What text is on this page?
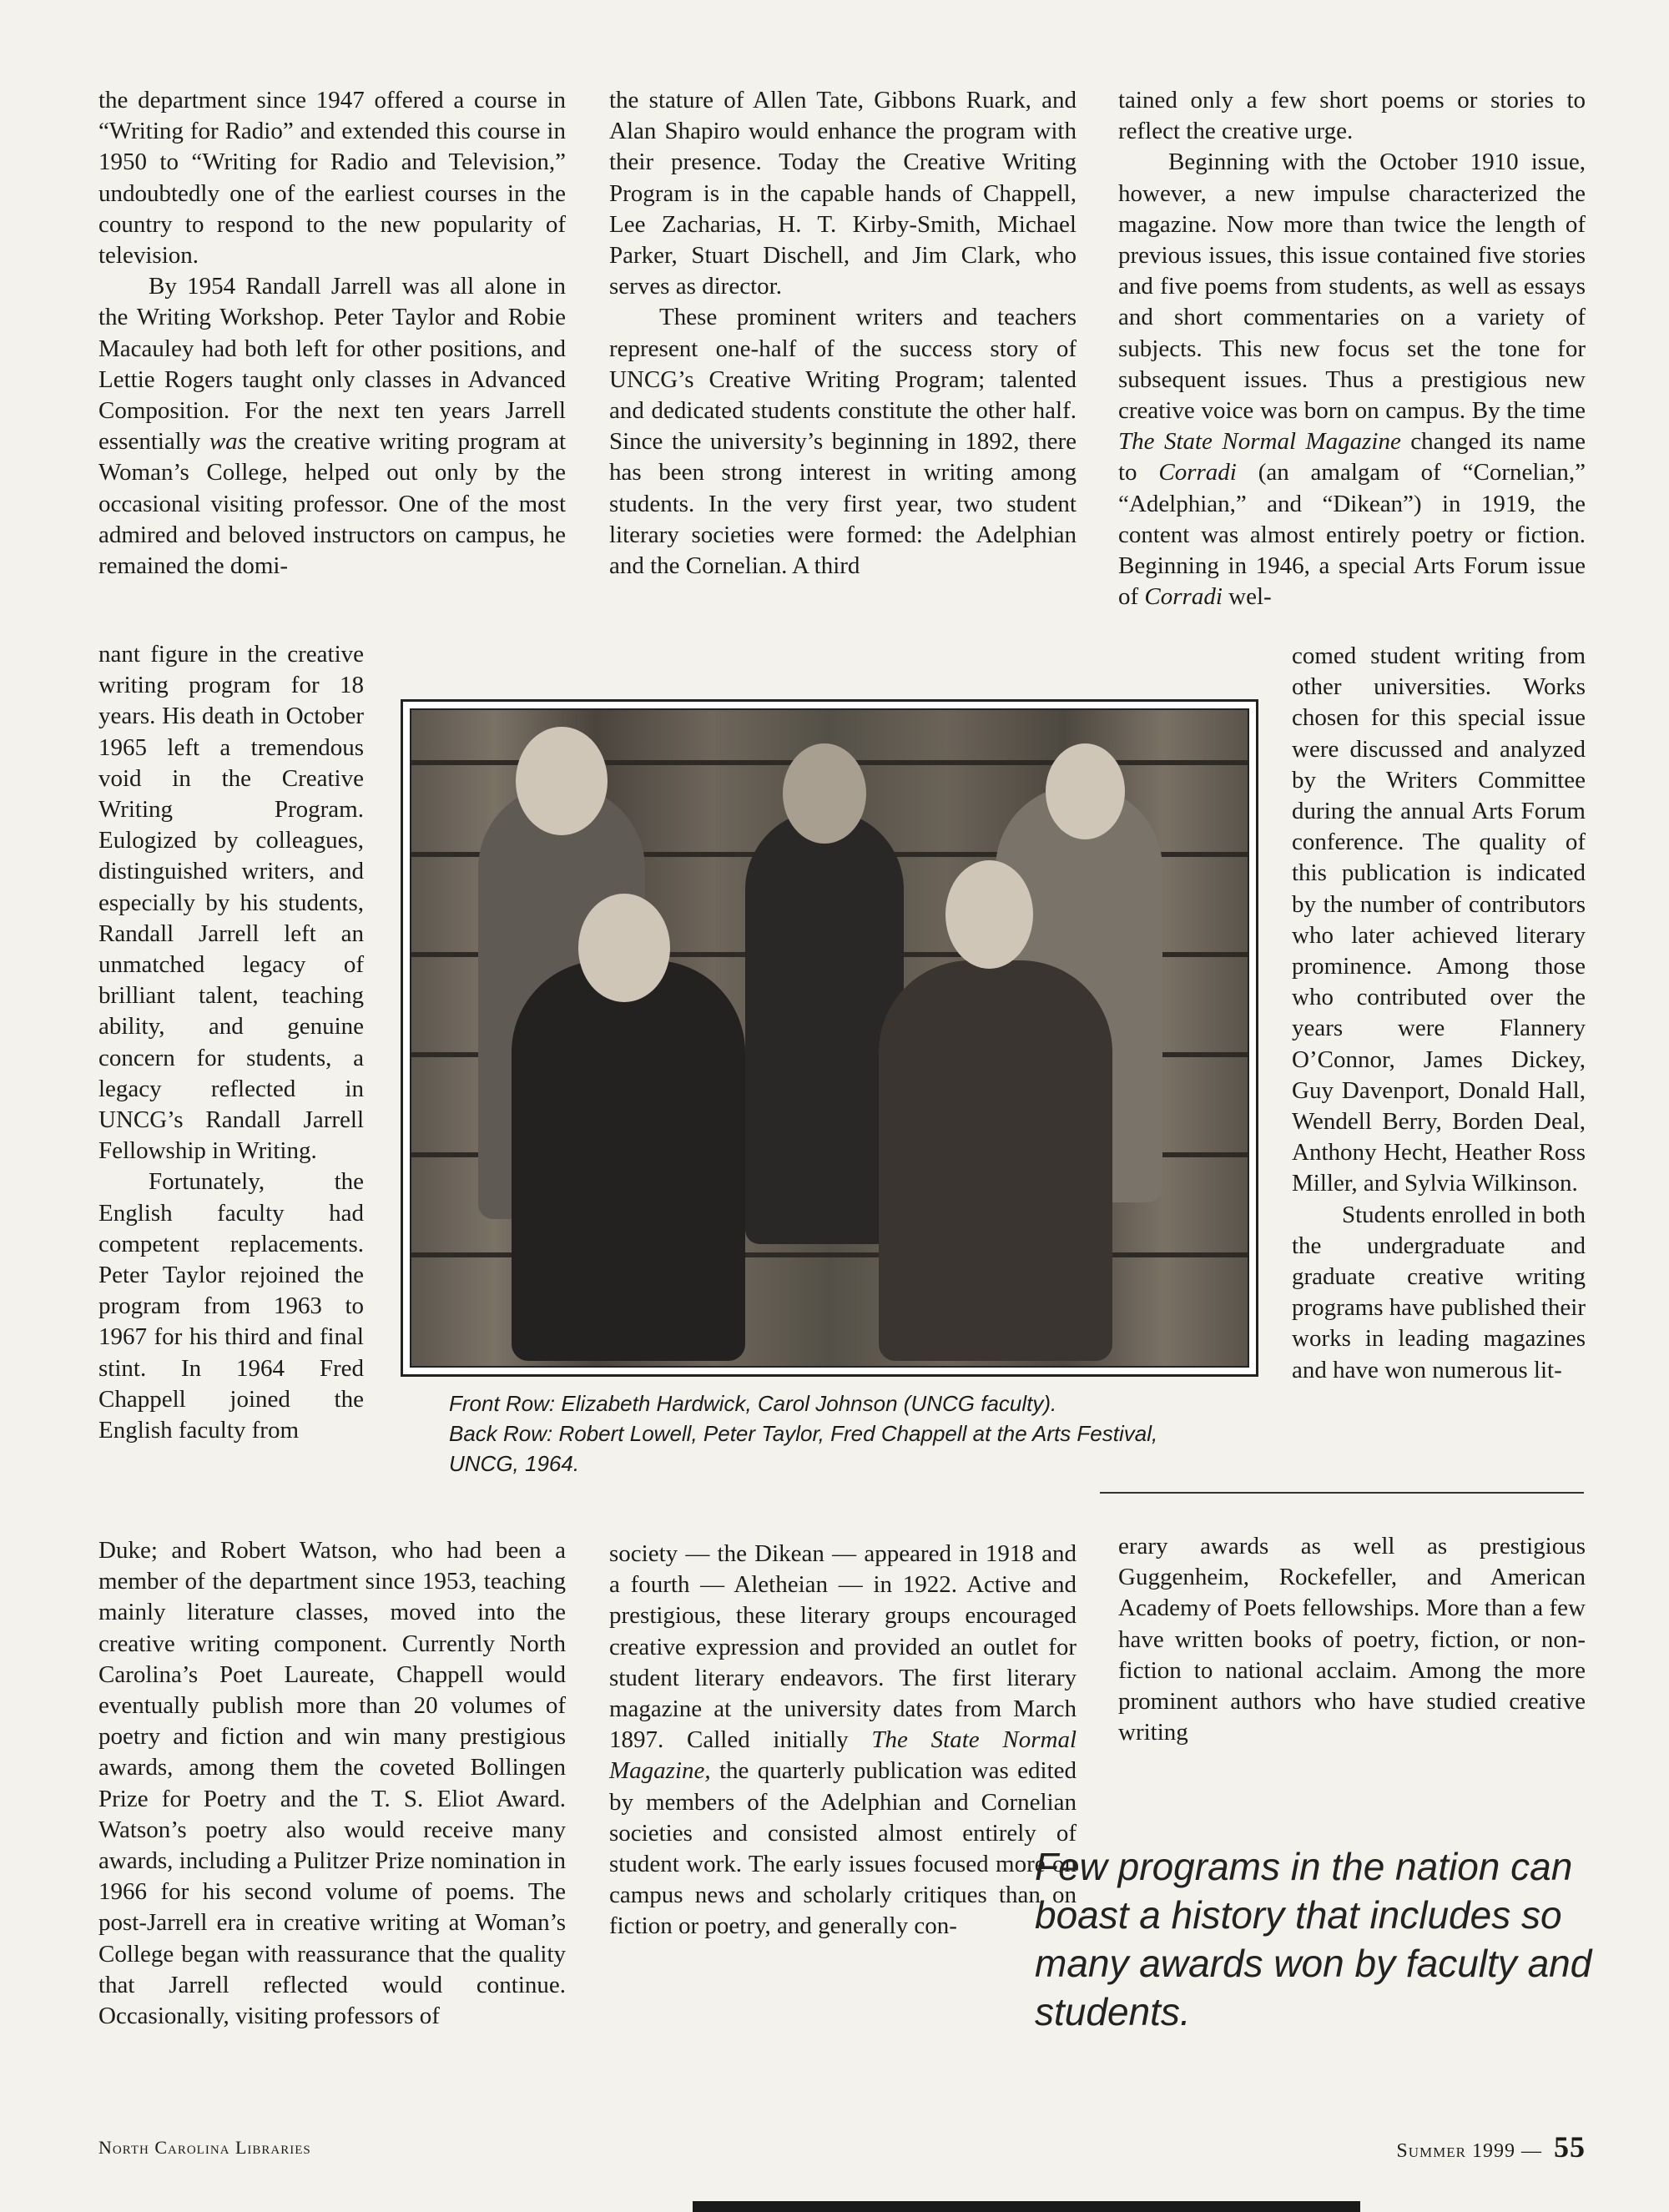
the department since 1947 offered a course in “Writing for Radio” and extended this course in 1950 to “Writing for Radio and Television,” undoubtedly one of the earliest courses in the country to respond to the new popularity of television.

By 1954 Randall Jarrell was all alone in the Writing Workshop. Peter Taylor and Robie Macauley had both left for other positions, and Lettie Rogers taught only classes in Advanced Composition. For the next ten years Jarrell essentially was the creative writing program at Woman’s College, helped out only by the occasional visiting professor. One of the most admired and beloved instructors on campus, he remained the domi-

nant figure in the creative writing program for 18 years. His death in October 1965 left a tremendous void in the Creative Writing Program. Eulogized by colleagues, distinguished writers, and especially by his students, Randall Jarrell left an unmatched legacy of brilliant talent, teaching ability, and genuine concern for students, a legacy reflected in UNCG’s Randall Jarrell Fellowship in Writing.

Fortunately, the English faculty had competent replacements. Peter Taylor rejoined the program from 1963 to 1967 for his third and final stint. In 1964 Fred Chappell joined the English faculty from

Duke; and Robert Watson, who had been a member of the department since 1953, teaching mainly literature classes, moved into the creative writing component. Currently North Carolina’s Poet Laureate, Chappell would eventually publish more than 20 volumes of poetry and fiction and win many prestigious awards, among them the coveted Bollingen Prize for Poetry and the T. S. Eliot Award. Watson’s poetry also would receive many awards, including a Pulitzer Prize nomination in 1966 for his second volume of poems. The post-Jarrell era in creative writing at Woman’s College began with reassurance that the quality that Jarrell reflected would continue. Occasionally, visiting professors of

the stature of Allen Tate, Gibbons Ruark, and Alan Shapiro would enhance the program with their presence. Today the Creative Writing Program is in the capable hands of Chappell, Lee Zacharias, H. T. Kirby-Smith, Michael Parker, Stuart Dischell, and Jim Clark, who serves as director.

These prominent writers and teachers represent one-half of the success story of UNCG’s Creative Writing Program; talented and dedicated students constitute the other half. Since the university’s beginning in 1892, there has been strong interest in writing among students. In the very first year, two student literary societies were formed: the Adelphian and the Cornelian. A third

society — the Dikean — appeared in 1918 and a fourth — Aletheian — in 1922. Active and prestigious, these literary groups encouraged creative expression and provided an outlet for student literary endeavors. The first literary magazine at the university dates from March 1897. Called initially The State Normal Magazine, the quarterly publication was edited by members of the Adelphian and Cornelian societies and consisted almost entirely of student work. The early issues focused more on campus news and scholarly critiques than on fiction or poetry, and generally con-

tained only a few short poems or stories to reflect the creative urge.

Beginning with the October 1910 issue, however, a new impulse characterized the magazine. Now more than twice the length of previous issues, this issue contained five stories and five poems from students, as well as essays and short commentaries on a variety of subjects. This new focus set the tone for subsequent issues. Thus a prestigious new creative voice was born on campus. By the time The State Normal Magazine changed its name to Corradi (an amalgam of “Cornelian,” “Adelphian,” and “Dikean”) in 1919, the content was almost entirely poetry or fiction. Beginning in 1946, a special Arts Forum issue of Corradi wel-

comed student writing from other universities. Works chosen for this special issue were discussed and analyzed by the Writers Committee during the annual Arts Forum conference. The quality of this publication is indicated by the number of contributors who later achieved literary prominence. Among those who contributed over the years were Flannery O’Connor, James Dickey, Guy Davenport, Donald Hall, Wendell Berry, Borden Deal, Anthony Hecht, Heather Ross Miller, and Sylvia Wilkinson.

Students enrolled in both the undergraduate and graduate creative writing programs have published their works in leading magazines and have won numerous lit-

erary awards as well as prestigious Guggenheim, Rockefeller, and American Academy of Poets fellowships. More than a few have written books of poetry, fiction, or non-fiction to national acclaim. Among the more prominent authors who have studied creative writing

Front Row: Elizabeth Hardwick, Carol Johnson (UNCG faculty).
Back Row: Robert Lowell, Peter Taylor, Fred Chappell at the Arts Festival, UNCG, 1964.
Few programs in the nation can boast a history that includes so many awards won by faculty and students.
North Carolina Libraries	Summer 1999 — 55
